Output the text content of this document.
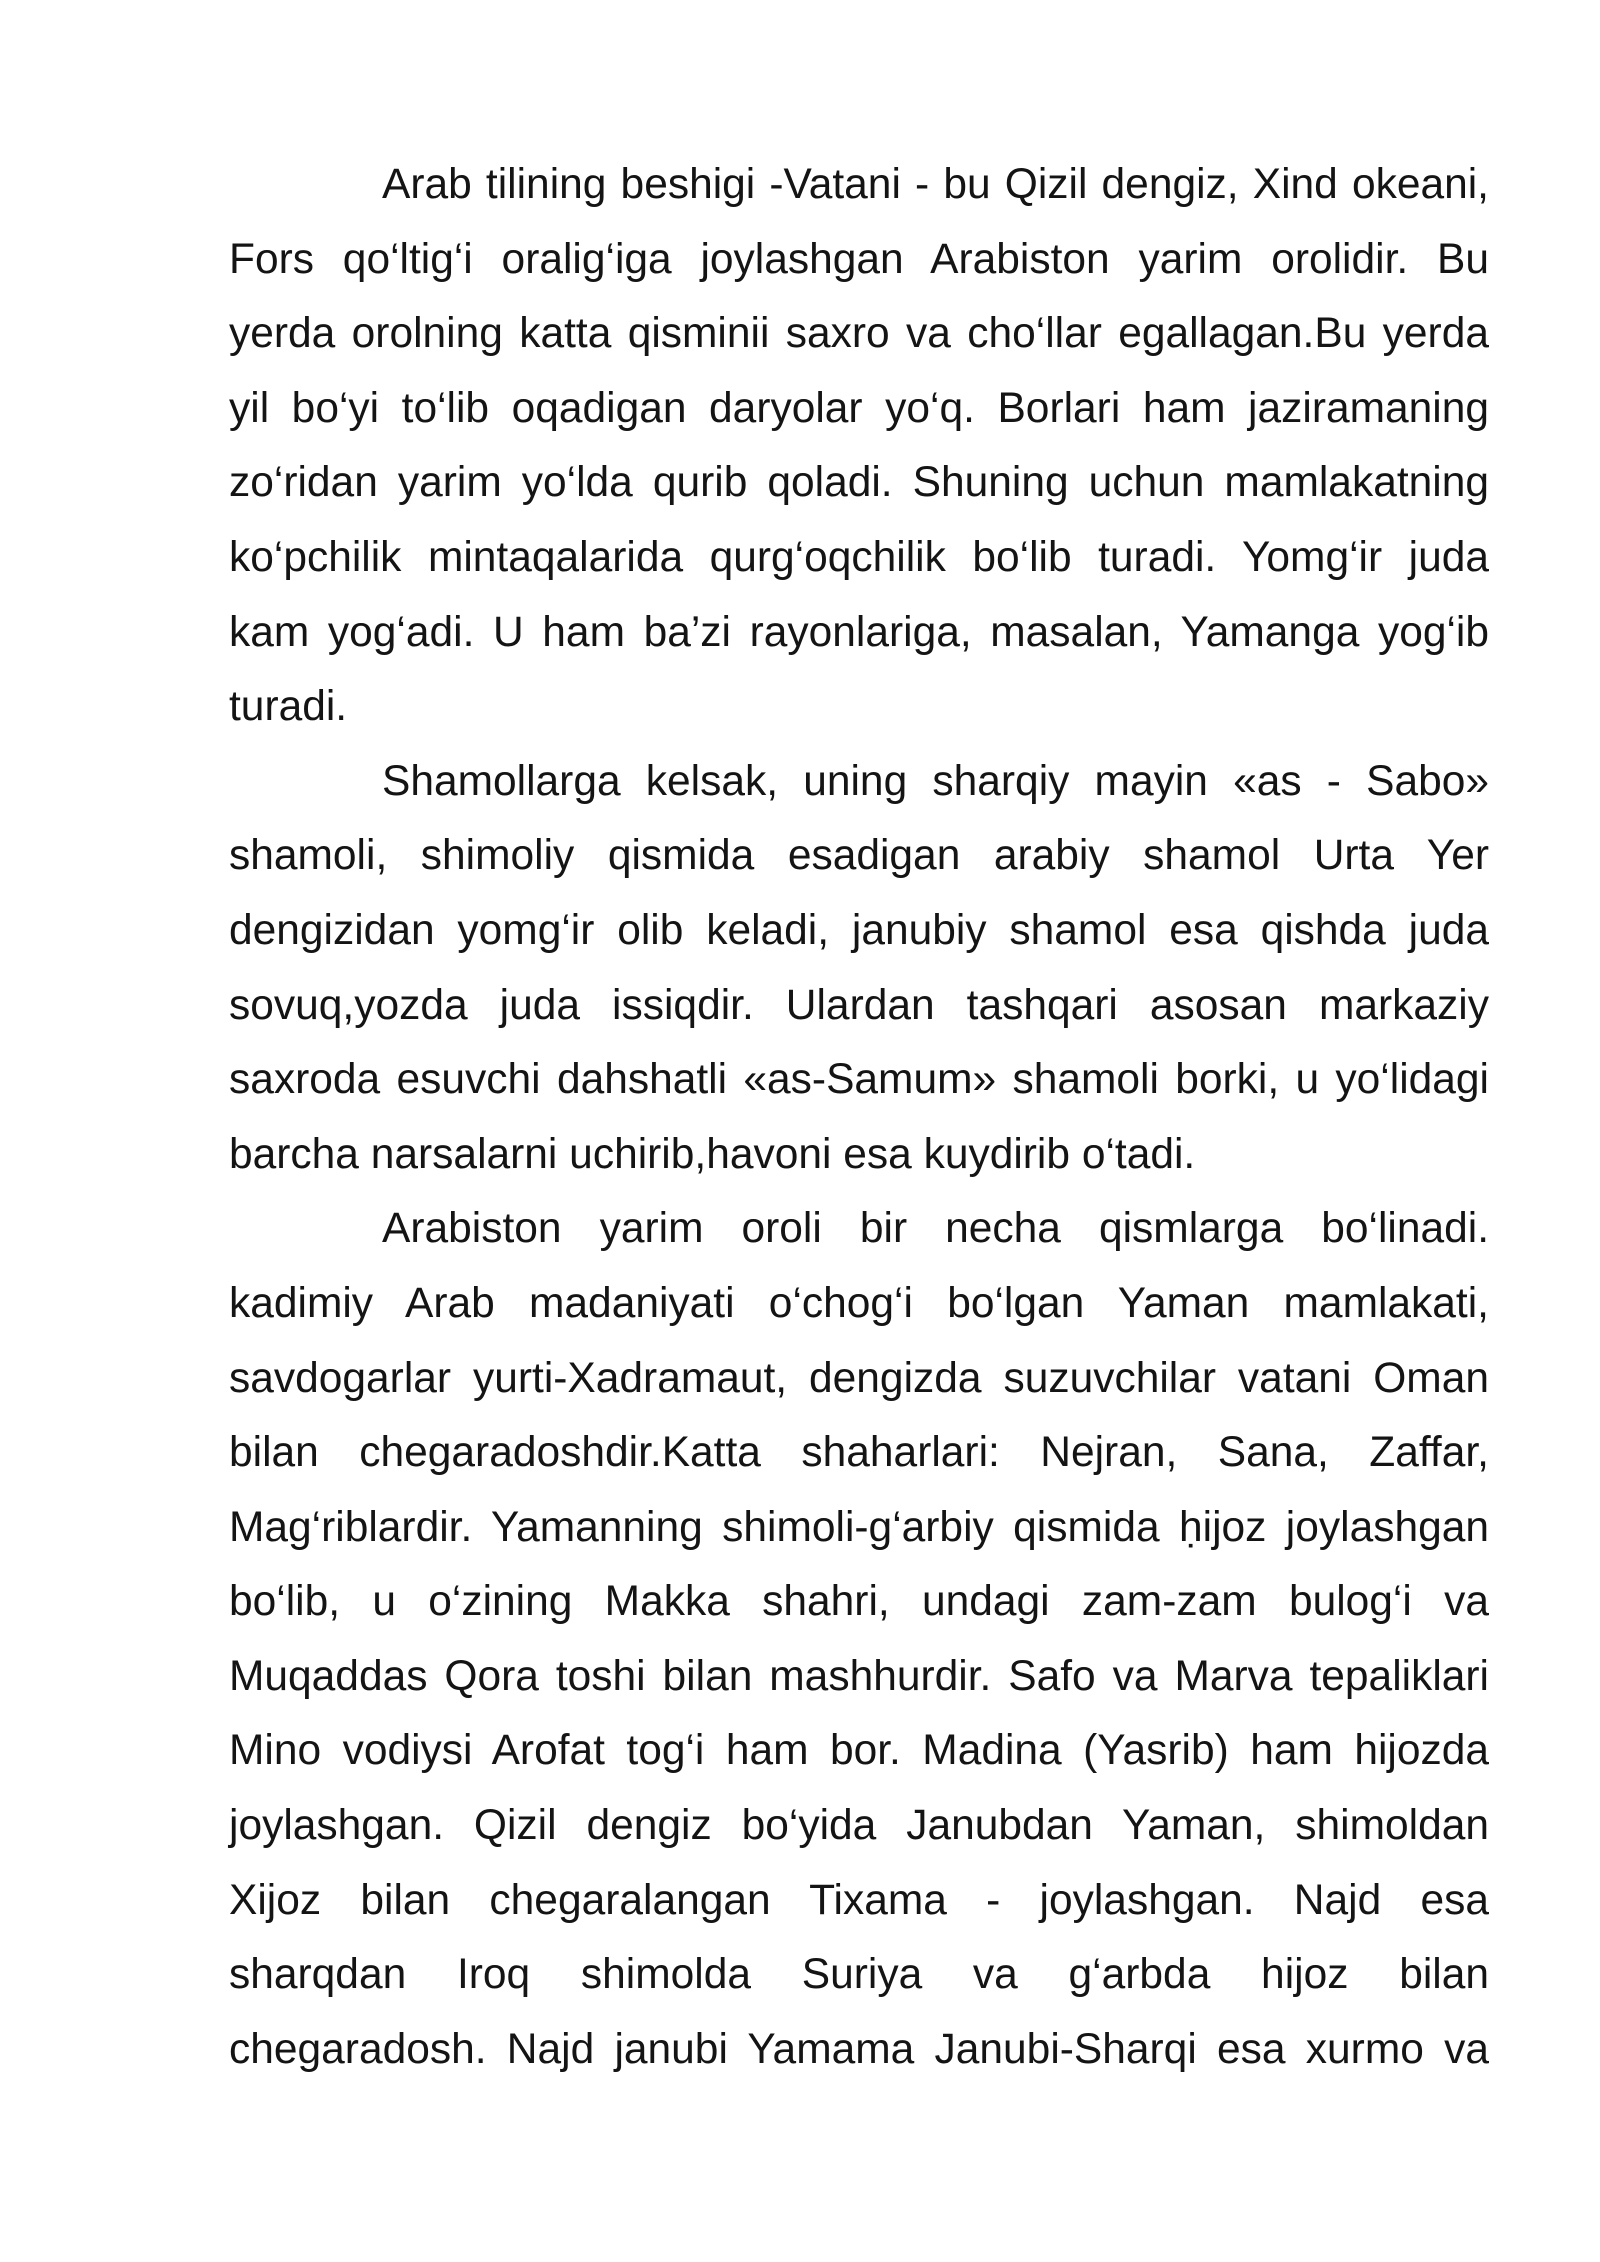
Arab tilining beshigi -Vatani - bu Qizil dengiz, Xind okeani,
Fors qo‘ltig‘i oralig‘iga joylashgan Arabiston yarim orolidir. Bu
yerda orolning katta qisminii saxro va cho‘llar egallagan.Bu yerda
yil bo‘yi to‘lib oqadigan daryolar yo‘q. Borlari ham jaziramaning
zo‘ridan yarim yo‘lda qurib qoladi. Shuning uchun mamlakatning
ko‘pchilik mintaqalarida qurg‘oqchilik bo‘lib turadi. Yomg‘ir juda
kam yog‘adi. U ham ba’zi rayonlariga, masalan, Yamanga yog‘ib
turadi.
Shamollarga kelsak, uning sharqiy mayin «as - Sabo»
shamoli, shimoliy qismida esadigan arabiy shamol Urta Yer
dengizidan yomg‘ir olib keladi, janubiy shamol esa qishda juda
sovuq,yozda juda issiqdir. Ulardan tashqari asosan markaziy
saxroda esuvchi dahshatli «as-Samum» shamoli borki, u yo‘lidagi
barcha narsalarni uchirib,havoni esa kuydirib o‘tadi.
Arabiston yarim oroli bir necha qismlarga bo‘linadi.
kadimiy Arab madaniyati o‘chog‘i bo‘lgan Yaman mamlakati,
savdogarlar yurti-Xadramaut, dengizda suzuvchilar vatani Oman
bilan chegaradoshdir.Katta shaharlari: Nejran, Sana, Zaffar,
Mag‘riblardir. Yamanning shimoli-g‘arbiy qismida ḥijoz joylashgan
bo‘lib, u o‘zining Makka shahri, undagi zam-zam bulog‘i va
Muqaddas Qora toshi bilan mashhurdir. Safo va Marva tepaliklari
Mino vodiysi Arofat tog‘i ham bor. Madina (Yasrib) ham hijozda
joylashgan. Qizil dengiz bo‘yida Janubdan Yaman, shimoldan
Xijoz bilan chegaralangan Tixama - joylashgan. Najd esa
sharqdan Iroq shimolda Suriya va g‘arbda hijoz bilan
chegaradosh. Najd janubi Yamama Janubi-Sharqi esa xurmo va
